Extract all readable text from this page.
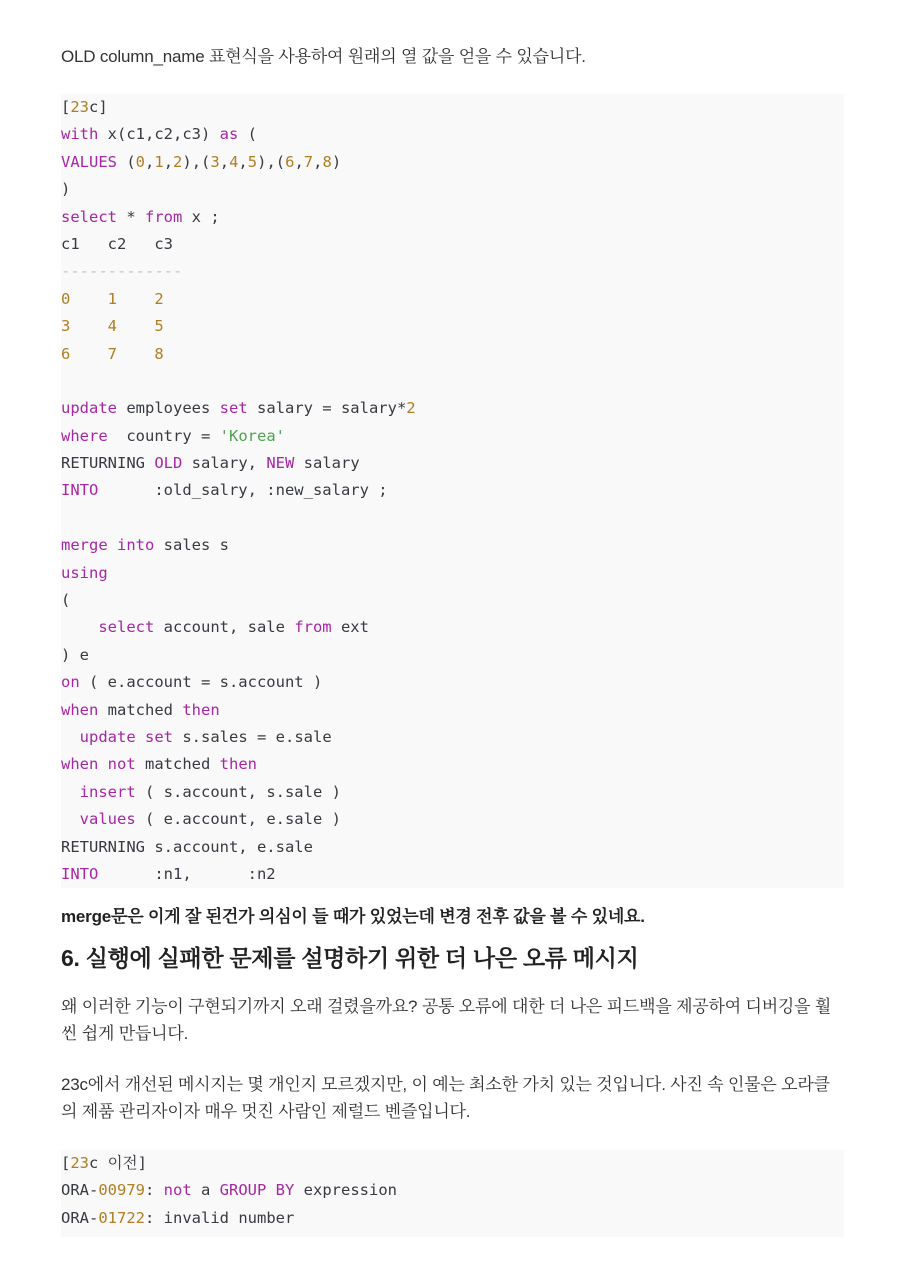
OLD column_name 표현식을 사용하여 원래의 열 값을 얻을 수 있습니다.

[23c]
with x(c1,c2,c3) as (
VALUES (0,1,2),(3,4,5),(6,7,8)
)
select * from x ;
c1   c2   c3
-------------
0    1    2
3    4    5
6    7    8
update employees set salary = salary*2
where  country = 'Korea'
RETURNING OLD salary, NEW salary
INTO      :old_salry, :new_salary ;
merge into sales s
using
(
select account, sale from ext
) e
on ( e.account = s.account )
when matched then
update set s.sales = e.sale
when not matched then
insert ( s.account, s.sale )
values ( e.account, e.sale )
RETURNING s.account, e.sale
INTO      :n1,      :n2

merge문은 이게 잘 된건가 의심이 들 때가 있었는데 변경 전후 값을 볼 수 있네요.

6. 실행에 실패한 문제를 설명하기 위한 더 나은 오류 메시지

왜 이러한 기능이 구현되기까지 오래 걸렸을까요? 공통 오류에 대한 더 나은 피드백을 제공하여 디버깅을 훨씬 쉽게 만듭니다.

23c에서 개선된 메시지는 몇 개인지 모르겠지만, 이 예는 최소한 가치 있는 것입니다. 사진 속 인물은 오라클의 제품 관리자이자 매우 멋진 사람인 제럴드 벤즐입니다.

[23c 이전]
ORA-00979: not a GROUP BY expression
ORA-01722: invalid number
